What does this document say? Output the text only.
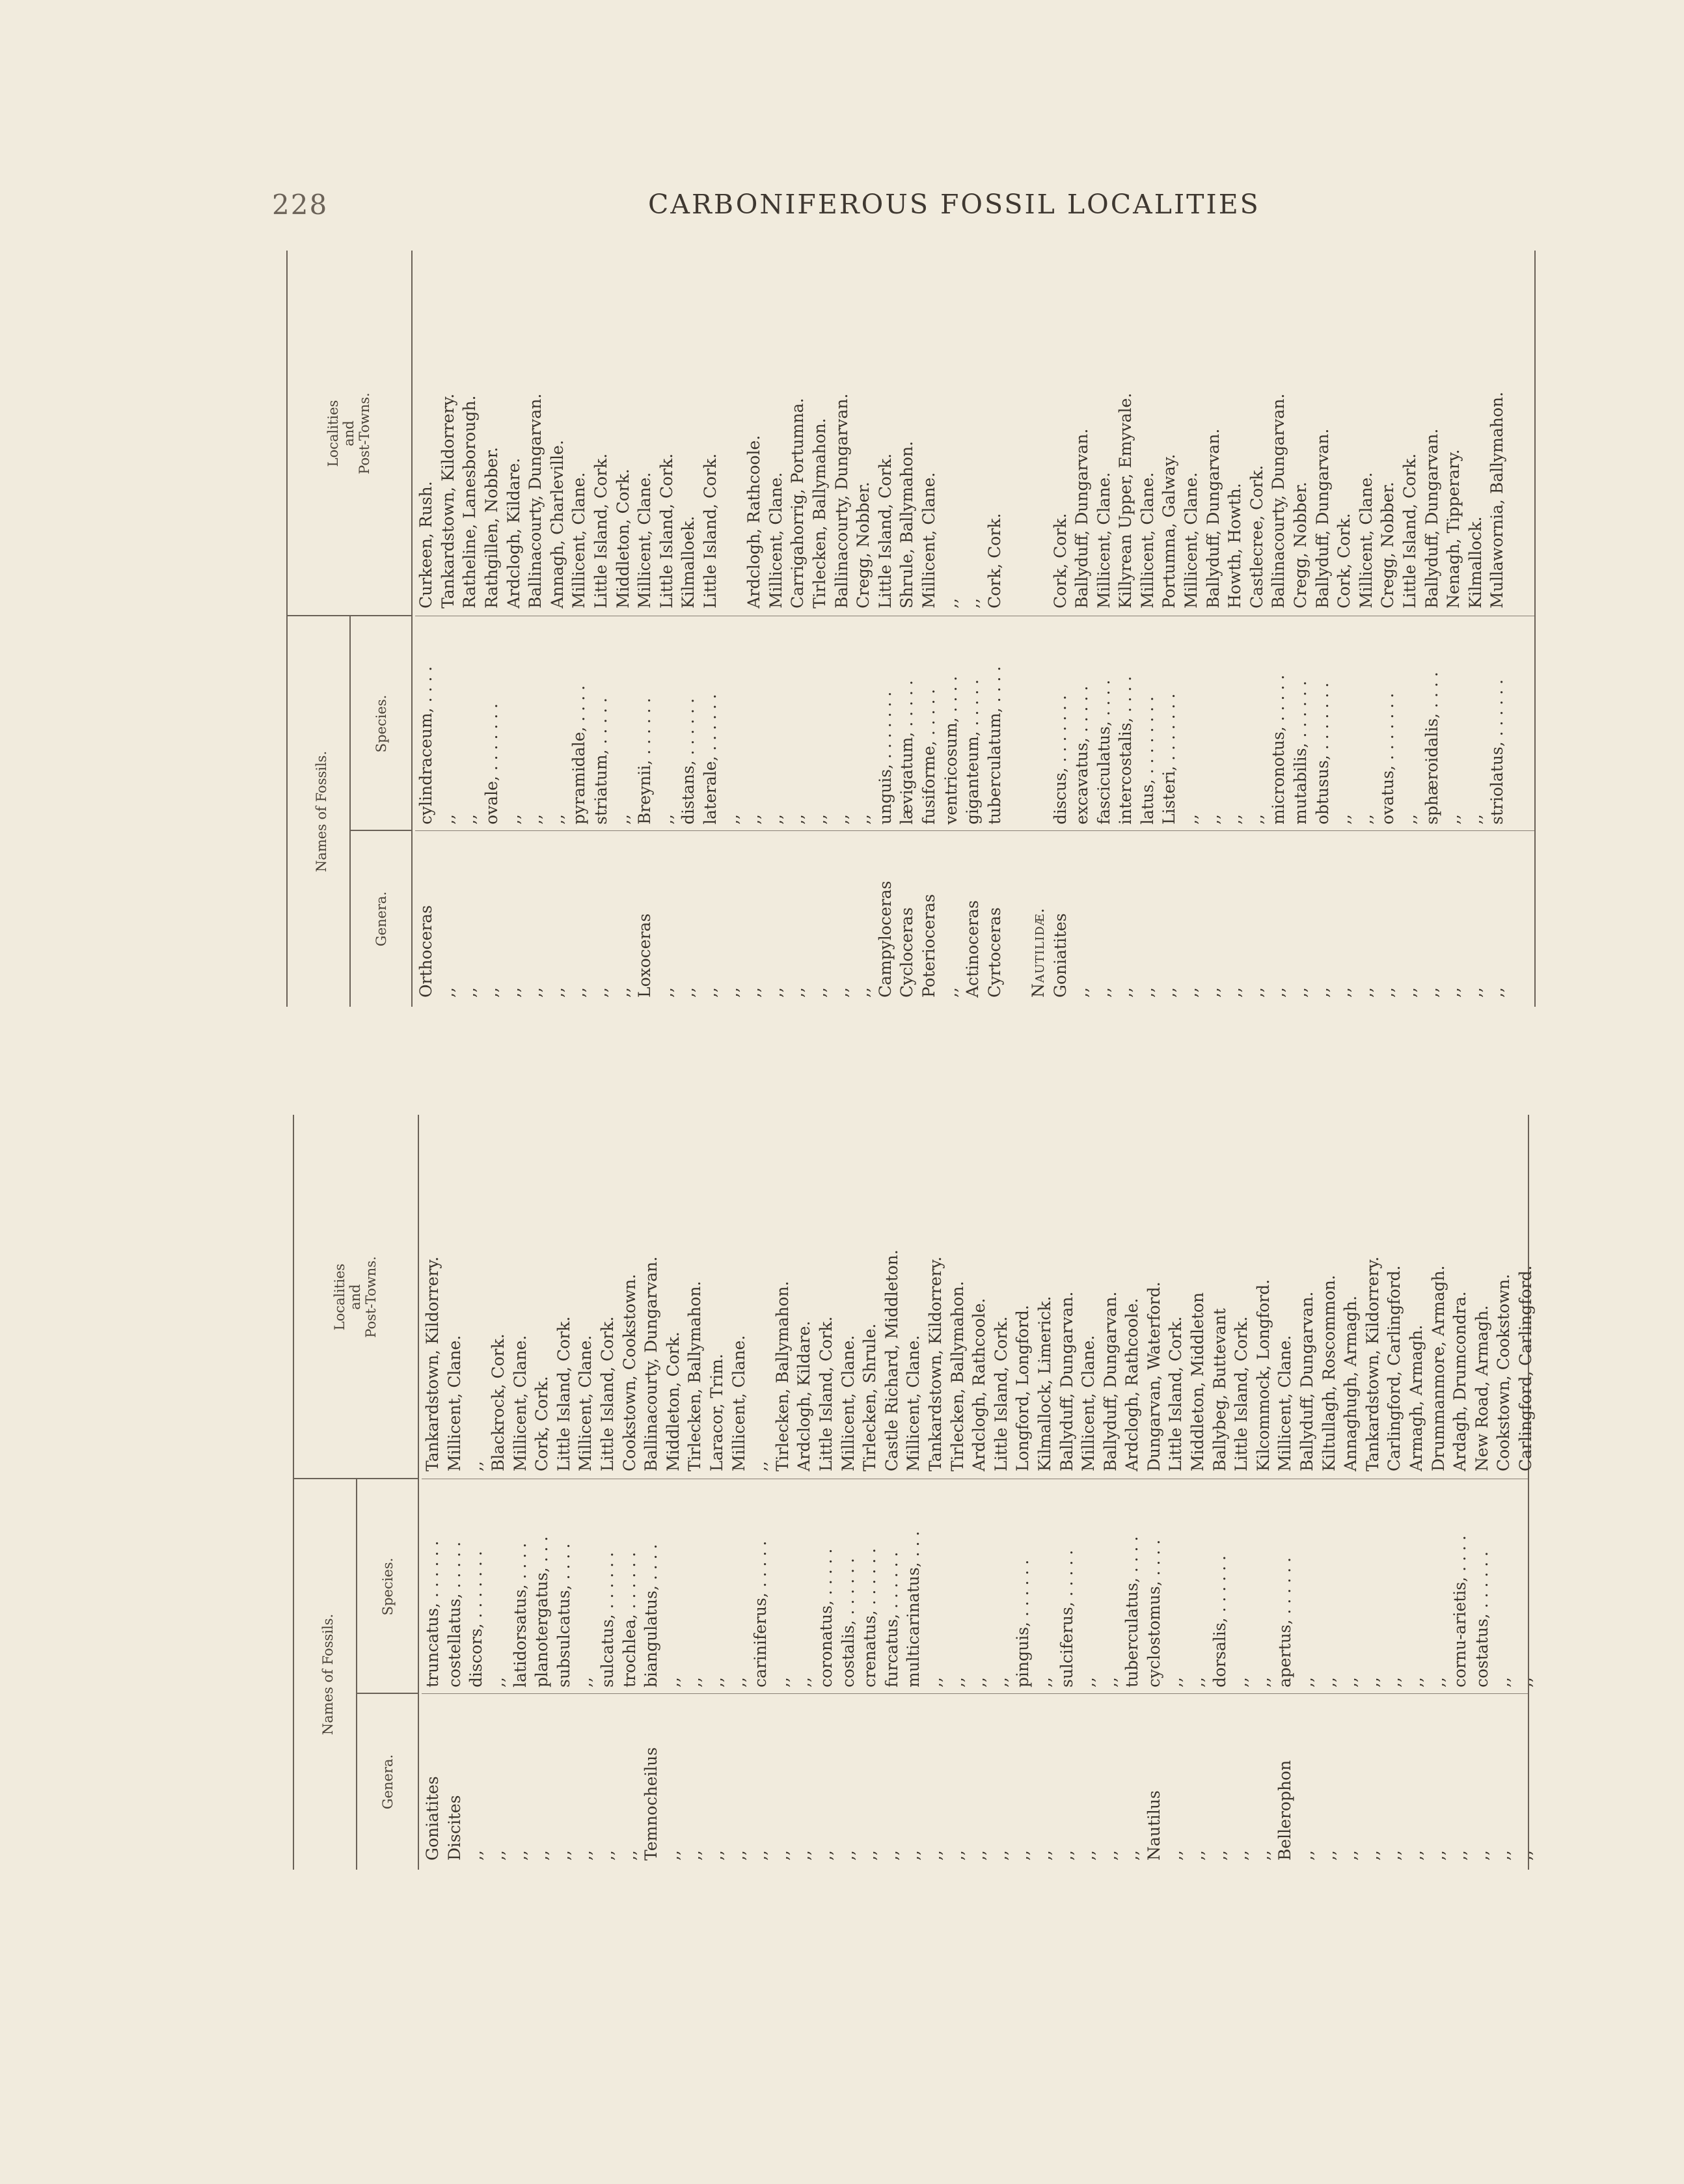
228	CARBONIFEROUS FOSSIL LOCALITIES
Names of Fossils.
Genera.
Species.
Localities and Post-Towns.
Goniatites
truncatus, . . . . . .
Tankardstown, Kildorrery.
Discites
costellatus, . . . . .
Millicent, Clane.
,,
discors, . . . . . . .
,,
,,
,,
Blackrock, Cork.
,,
latidorsatus, . . . .
Millicent, Clane.
,,
planotergatus, . . .
Cork, Cork.
,,
subsulcatus, . . . .
Little Island, Cork.
,,
,,
Millicent, Clane.
,,
sulcatus, . . . . . .
Little Island, Cork.
,,
trochlea, . . . . . .
Cookstown, Cookstown.
Temnocheilus
biangulatus, . . . .
Ballinacourty, Dungarvan.
,,
,,
Middleton, Cork.
,,
,,
Tirlecken, Ballymahon.
,,
,,
Laracor, Trim.
,,
,,
Millicent, Clane.
,,
cariniferus, . . . . .
,,
,,
,,
Tirlecken, Ballymahon.
,,
,,
Ardclogh, Kildare.
,,
coronatus, . . . . .
Little Island, Cork.
,,
costalis, . . . . . .
Millicent, Clane.
,,
crenatus, . . . . . .
Tirlecken, Shrule.
,,
furcatus, . . . . . .
Castle Richard, Middleton.
,,
multicarinatus, . . .
Millicent, Clane.
,,
,,
Tankardstown, Kildorrery.
,,
,,
Tirlecken, Ballymahon.
,,
,,
Ardclogh, Rathcoole.
,,
,,
Little Island, Cork.
,,
pinguis, . . . . . .
Longford, Longford.
,,
,,
Kilmallock, Limerick.
,,
sulciferus, . . . . .
Ballyduff, Dungarvan.
,,
,,
Millicent, Clane.
,,
,,
Ballyduff, Dungarvan.
,,
tuberculatus, . . . .
Ardclogh, Rathcoole.
Nautilus
cyclostomus, . . . .
Dungarvan, Waterford.
,,
,,
Little Island, Cork.
,,
,,
Middleton, Middleton
,,
dorsalis, . . . . . .
Ballybeg, Buttevant
,,
,,
Little Island, Cork.
,,
,,
Kilcommock, Longford.
Bellerophon
apertus, . . . . . .
Millicent, Clane.
,,
,,
Ballyduff, Dungarvan.
,,
,,
Kiltullagh, Roscommon.
,,
,,
Annaghugh, Armagh.
,,
,,
Tankardstown, Kildorrery.
,,
,,
Carlingford, Carlingford.
,,
,,
Armagh, Armagh.
,,
,,
Drummanmore, Armagh.
,,
cornu-arietis, . . . .
Ardagh, Drumcondra.
,,
costatus, . . . . . .
New Road, Armagh.
,,
,,
Cookstown, Cookstown.
,,
,,
Carlingford, Carlingford.
Names of Fossils.
Genera.
Species.
Localities and Post-Towns.
Orthoceras
cylindraceum, . . . .
Curkeen, Rush.
,,
,,
Tankardstown, Kildorrery.
,,
,,
Ratheline, Lanesborough.
,,
ovale, . . . . . . .
Rathgillen, Nobber.
,,
,,
Ardclogh, Kildare.
,,
,,
Ballinacourty, Dungarvan.
,,
,,
Annagh, Charleville.
,,
pyramidale, . . . .
Millicent, Clane.
,,
striatum, . . . . .
Little Island, Cork.
,,
,,
Middleton, Cork.
Loxoceras
Breynii, . . . . . .
Millicent, Clane.
,,
,,
Little Island, Cork.
,,
distans, . . . . . .
Kilmalloek.
,,
laterale, . . . . . .
Little Island, Cork.
,,
,,
,,
,,
Ardclogh, Rathcoole.
,,
,,
Millicent, Clane.
,,
,,
Carrigahorrig, Portumna.
,,
,,
Tirlecken, Ballymahon.
,,
,,
Ballinacourty, Dungarvan.
,,
,,
Cregg, Nobber.
Campyloceras
unguis, . . . . . . .
Little Island, Cork.
Cycloceras
lævigatum, . . . . .
Shrule, Ballymahon.
Poterioceras
fusiforme, . . . . .
Millicent, Clane.
,,
ventricosum, . . . .
,,
Actinoceras
giganteum, . . . . .
,,
Cyrtoceras
tuberculatum, . . . .
Cork, Cork.
Nautilidæ. Goniatites
discus, . . . . . . .
Cork, Cork.
,,
excavatus, . . . . .
Ballyduff, Dungarvan.
,,
fasciculatus, . . . .
Millicent, Clane.
,,
intercostalis, . . . .
Killyrean Upper, Emyvale.
,,
latus, . . . . . . . .
Millicent, Clane.
,,
Listeri, . . . . . . .
Portumna, Galway.
,,
,,
Millicent, Clane.
,,
,,
Ballyduff, Dungarvan.
,,
,,
Howth, Howth.
,,
,,
Castlecree, Cork.
,,
micronotus, . . . . .
Ballinacourty, Dungarvan.
,,
mutabilis, . . . . . .
Cregg, Nobber.
,,
obtusus, . . . . . . .
Ballyduff, Dungarvan.
,,
,,
Cork, Cork.
,,
,,
Millicent, Clane.
,,
ovatus, . . . . . . .
Cregg, Nobber.
,,
,,
Little Island, Cork.
,,
sphæroidalis, . . . .
Ballyduff, Dungarvan.
,,
,,
Nenagh, Tipperary.
,,
,,
Kilmallock.
,,
striolatus, . . . . . .
Mullawornia, Ballymahon.
